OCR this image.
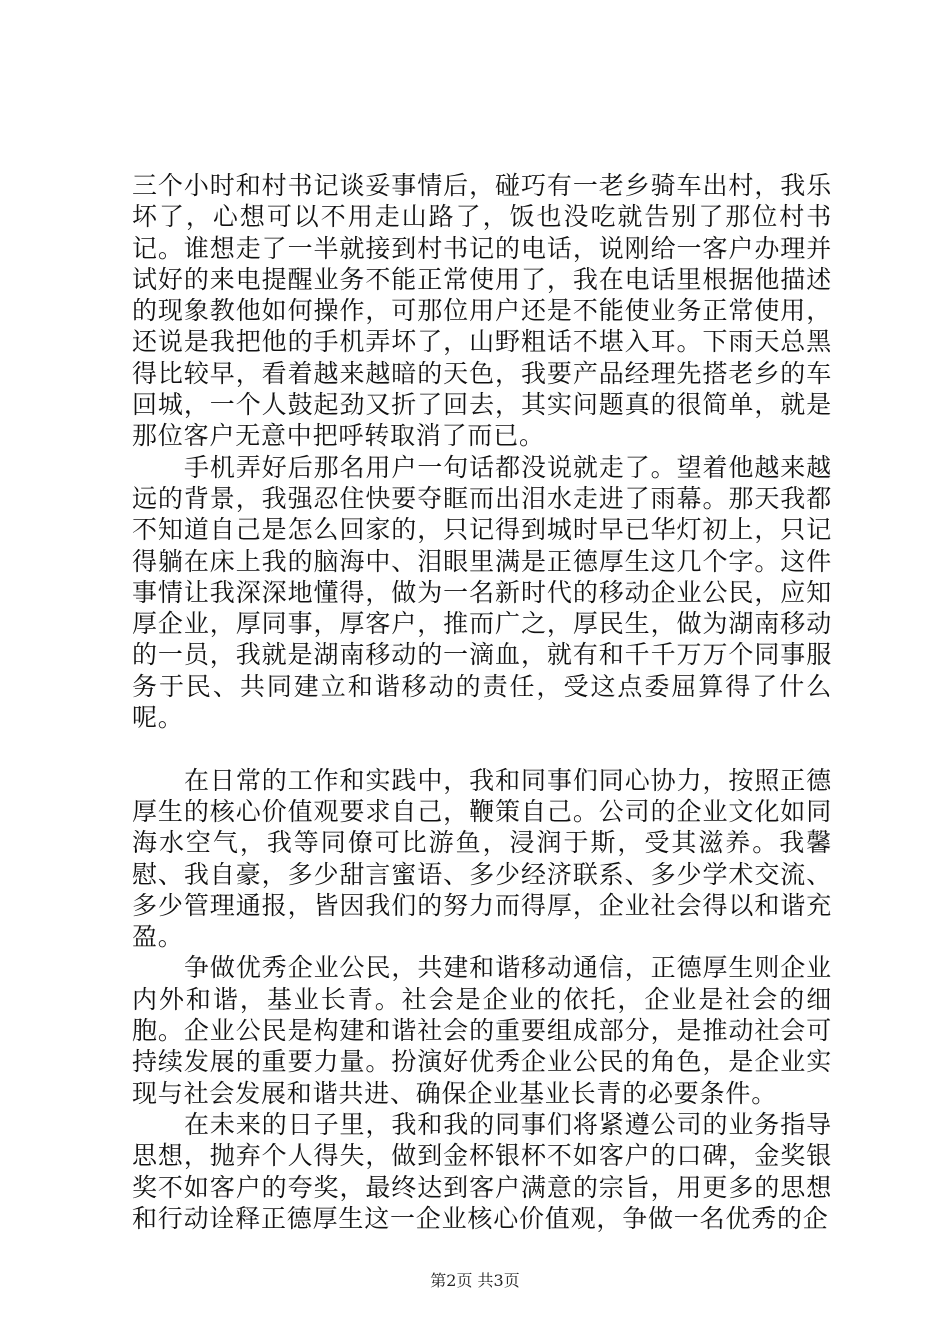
三个小时和村书记谈妥事情后，碰巧有一老乡骑车出村，我乐坏了，心想可以不用走山路了，饭也没吃就告别了那位村书记。谁想走了一半就接到村书记的电话，说刚给一客户办理并试好的来电提醒业务不能正常使用了，我在电话里根据他描述的现象教他如何操作，可那位用户还是不能使业务正常使用，还说是我把他的手机弄坏了，山野粗话不堪入耳。下雨天总黑得比较早，看着越来越暗的天色，我要产品经理先搭老乡的车回城，一个人鼓起劲又折了回去，其实问题真的很简单，就是那位客户无意中把呼转取消了而已。

手机弄好后那名用户一句话都没说就走了。望着他越来越远的背景，我强忍住快要夺眶而出泪水走进了雨幕。那天我都不知道自己是怎么回家的，只记得到城时早已华灯初上，只记得躺在床上我的脑海中、泪眼里满是正德厚生这几个字。这件事情让我深深地懂得，做为一名新时代的移动企业公民，应知厚企业，厚同事，厚客户，推而广之，厚民生，做为湖南移动的一员，我就是湖南移动的一滴血，就有和千千万万个同事服务于民、共同建立和谐移动的责任，受这点委屈算得了什么呢。

在日常的工作和实践中，我和同事们同心协力，按照正德厚生的核心价值观要求自己，鞭策自己。公司的企业文化如同海水空气，我等同僚可比游鱼，浸润于斯，受其滋养。我馨慰、我自豪，多少甜言蜜语、多少经济联系、多少学术交流、多少管理通报，皆因我们的努力而得厚，企业社会得以和谐充盈。

争做优秀企业公民，共建和谐移动通信，正德厚生则企业内外和谐，基业长青。社会是企业的依托，企业是社会的细胞。企业公民是构建和谐社会的重要组成部分，是推动社会可持续发展的重要力量。扮演好优秀企业公民的角色，是企业实现与社会发展和谐共进、确保企业基业长青的必要条件。

在未来的日子里，我和我的同事们将紧遵公司的业务指导思想，抛弃个人得失，做到金杯银杯不如客户的口碑，金奖银奖不如客户的夸奖，最终达到客户满意的宗旨，用更多的思想和行动诠释正德厚生这一企业核心价值观，争做一名优秀的企

第2页 共3页
